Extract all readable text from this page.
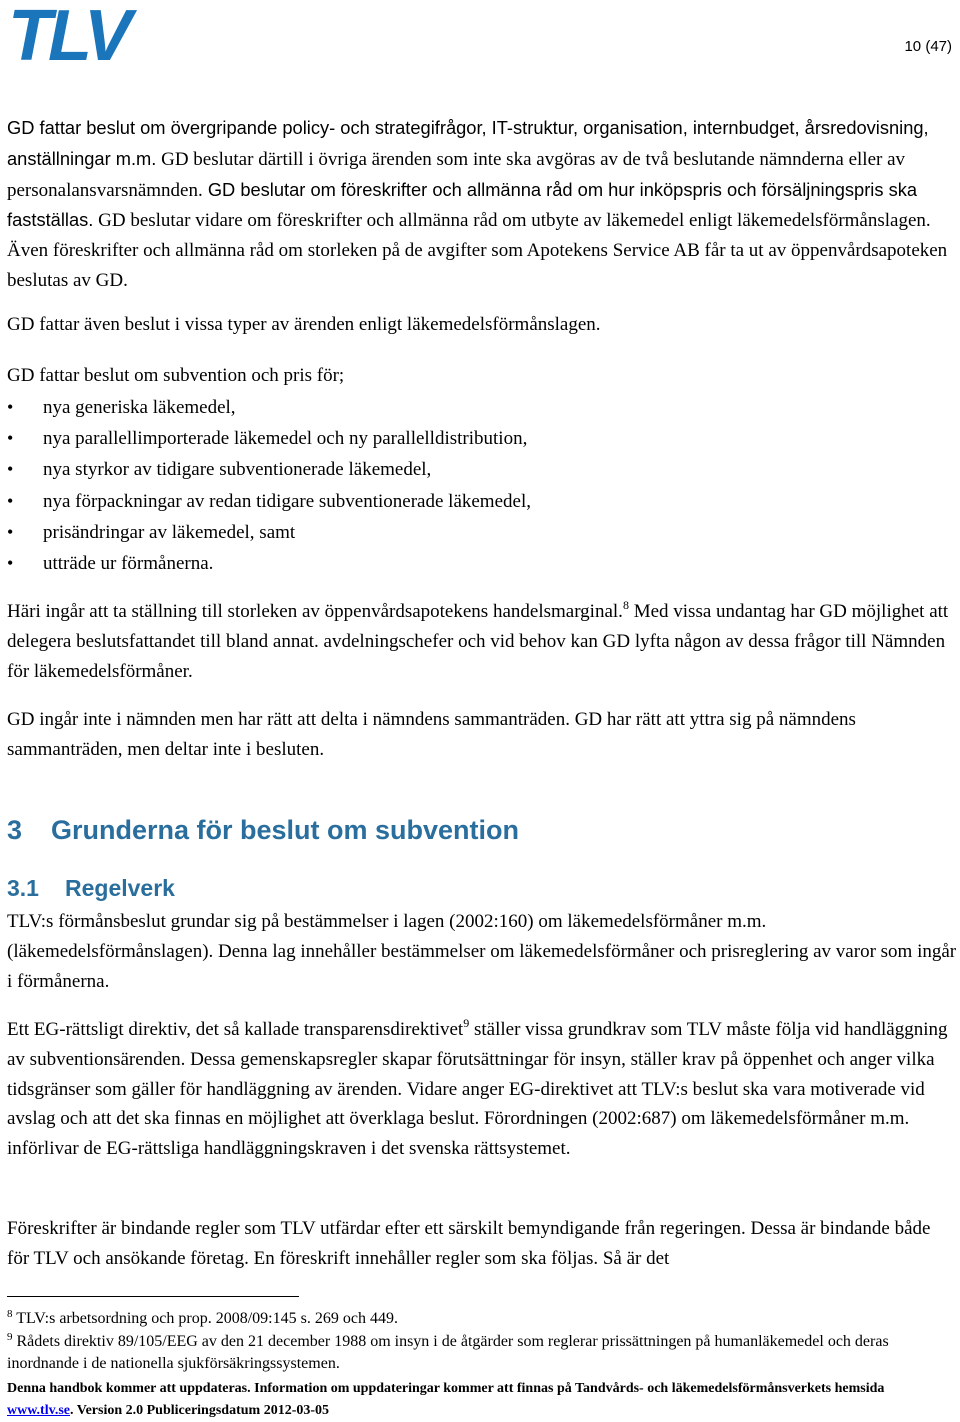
TLV	10 (47)

GD fattar beslut om övergripande policy- och strategifrågor, IT-struktur, organisation, internbudget, årsredovisning, anställningar m.m. GD beslutar därtill i övriga ärenden som inte ska avgöras av de två beslutande nämnderna eller av personalansvarsnämnden. GD beslutar om föreskrifter och allmänna råd om hur inköpspris och försäljningspris ska fastställas. GD beslutar vidare om föreskrifter och allmänna råd om utbyte av läkemedel enligt läkemedelsförmånslagen. Även föreskrifter och allmänna råd om storleken på de avgifter som Apotekens Service AB får ta ut av öppenvårdsapoteken beslutas av GD.

GD fattar även beslut i vissa typer av ärenden enligt läkemedelsförmånslagen.

GD fattar beslut om subvention och pris för;

• nya generiska läkemedel,
• nya parallellimporterade läkemedel och ny parallelldistribution,
• nya styrkor av tidigare subventionerade läkemedel,
• nya förpackningar av redan tidigare subventionerade läkemedel,
• prisändringar av läkemedel, samt
• utträde ur förmånerna.

Häri ingår att ta ställning till storleken av öppenvårdsapotekens handelsmarginal.$^8$ Med vissa undantag har GD möjlighet att delegera beslutsfattandet till bland annat. avdelningschefer och vid behov kan GD lyfta någon av dessa frågor till Nämnden för läkemedelsförmåner.

GD ingår inte i nämnden men har rätt att delta i nämndens sammanträden. GD har rätt att yttra sig på nämndens sammanträden, men deltar inte i besluten.

3 Grunderna för beslut om subvention
3.1 Regelverk

TLV:s förmånsbeslut grundar sig på bestämmelser i lagen (2002:160) om läkemedelsförmåner m.m. (läkemedelsförmånslagen). Denna lag innehåller bestämmelser om läkemedelsförmåner och prisreglering av varor som ingår i förmånerna.

Ett EG-rättsligt direktiv, det så kallade transparensdirektivet$^9$ ställer vissa grundkrav som TLV måste följa vid handläggning av subventionsärenden. Dessa gemenskapsregler skapar förutsättningar för insyn, ställer krav på öppenhet och anger vilka tidsgränser som gäller för handläggning av ärenden. Vidare anger EG-direktivet att TLV:s beslut ska vara motiverade vid avslag och att det ska finnas en möjlighet att överklaga beslut. Förordningen (2002:687) om läkemedelsförmåner m.m. införlivar de EG-rättsliga handläggningskraven i det svenska rättsystemet.

Föreskrifter är bindande regler som TLV utfärdar efter ett särskilt bemyndigande från regeringen. Dessa är bindande både för TLV och ansökande företag. En föreskrift innehåller regler som ska följas. Så är det

$^8$ TLV:s arbetsordning och prop. 2008/09:145 s. 269 och 449.

$^9$ Rådets direktiv 89/105/EEG av den 21 december 1988 om insyn i de åtgärder som reglerar prissättningen på humanläkemedel och deras inordnande i de nationella sjukförsäkringssystemen.

Denna handbok kommer att uppdateras. Information om uppdateringar kommer att finnas på Tandvårds- och läkemedelsförmånsverkets hemsida www.tlv.se. Version 2.0 Publiceringsdatum 2012-03-05
